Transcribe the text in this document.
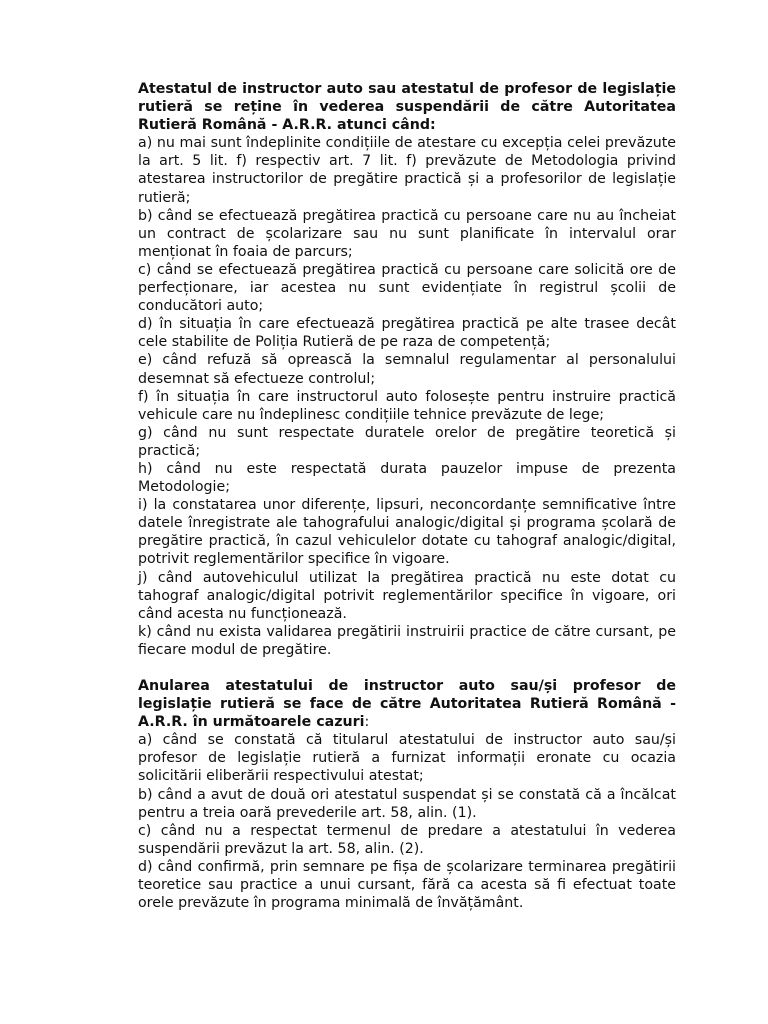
Atestatul de instructor auto sau atestatul de profesor de legislație rutieră se reține în vederea suspendării de către Autoritatea Rutieră Română - A.R.R. atunci când:

a) nu mai sunt îndeplinite condițiile de atestare cu excepția celei prevăzute la art. 5 lit. f) respectiv art. 7 lit. f) prevăzute de Metodologia privind atestarea instructorilor de pregătire practică și a profesorilor de legislație rutieră;

b) când se efectuează pregătirea practică cu persoane care nu au încheiat un contract de școlarizare sau nu sunt planificate în intervalul orar menționat în foaia de parcurs;

c) când se efectuează pregătirea practică cu persoane care solicită ore de perfecționare, iar acestea nu sunt evidențiate în registrul școlii de conducători auto;

d) în situația în care efectuează pregătirea practică pe alte trasee decât cele stabilite de Poliția Rutieră de pe raza de competență;

e) când refuză să oprească la semnalul regulamentar al personalului desemnat să efectueze controlul;

f) în situația în care instructorul auto folosește pentru instruire practică vehicule care nu îndeplinesc condițiile tehnice prevăzute de lege;

g) când nu sunt respectate duratele orelor de pregătire teoretică și practică;

h) când nu este respectată durata pauzelor impuse de prezenta Metodologie;

i) la constatarea unor diferențe, lipsuri, neconcordanțe semnificative între datele înregistrate ale tahografului analogic/digital și programa școlară de pregătire practică, în cazul vehiculelor dotate cu tahograf analogic/digital, potrivit reglementărilor specifice în vigoare.

j) când autovehiculul utilizat la pregătirea practică nu este dotat cu tahograf analogic/digital potrivit reglementărilor specifice în vigoare, ori când acesta nu funcționează.

k) când nu exista validarea pregătirii instruirii practice de către cursant, pe fiecare modul de pregătire.

Anularea atestatului de instructor auto sau/și profesor de legislație rutieră se face de către Autoritatea Rutieră Română - A.R.R. în următoarele cazuri:

a) când se constată că titularul atestatului de instructor auto sau/și profesor de legislație rutieră a furnizat informații eronate cu ocazia solicitării eliberării respectivului atestat;

b) când a avut de două ori atestatul suspendat și se constată că a încălcat pentru a treia oară prevederile art. 58, alin. (1).

c) când nu a respectat termenul de predare a atestatului în vederea suspendării prevăzut la art. 58, alin. (2).

d) când confirmă, prin semnare pe fișa de școlarizare terminarea pregătirii teoretice sau practice a unui cursant, fără ca acesta să fi efectuat toate orele prevăzute în programa minimală de învățământ.
